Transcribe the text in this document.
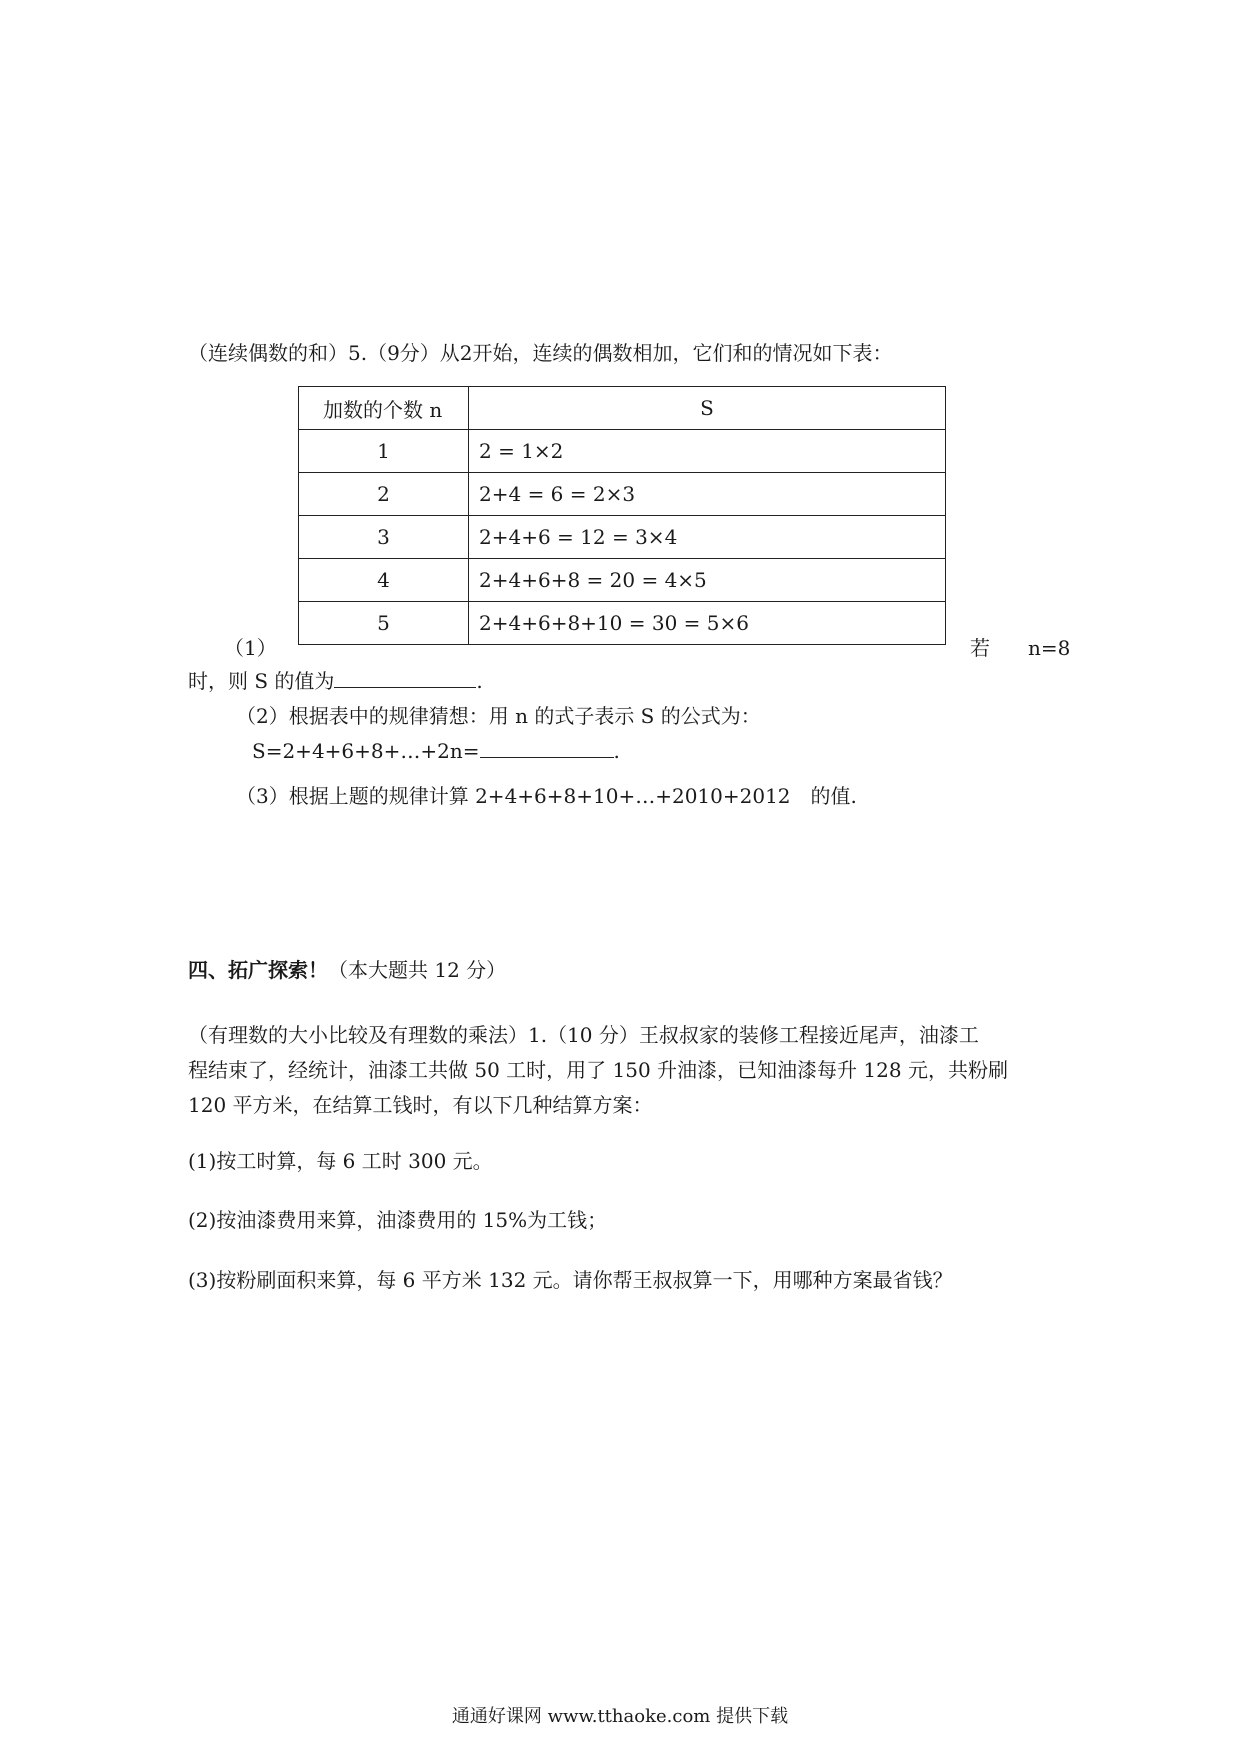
（连续偶数的和）5.（9分）从2开始，连续的偶数相加，它们和的情况如下表：
加数的个数 n	S
1	2 = 1×2
2	2+4 = 6 = 2×3
3	2+4+6 = 12 = 3×4
4	2+4+6+8 = 20 = 4×5
5	2+4+6+8+10 = 30 = 5×6
（1）	若 n=8
时，则 S 的值为	.
（2）根据表中的规律猜想：用 n 的式子表示 S 的公式为：
S=2+4+6+8+…+2n=	.
（3）根据上题的规律计算 2+4+6+8+10+…+2010+2012　的值.
四、拓广探索！（本大题共 12 分）
（有理数的大小比较及有理数的乘法）1.（10 分）王叔叔家的装修工程接近尾声，油漆工
程结束了，经统计，油漆工共做 50 工时，用了 150 升油漆，已知油漆每升 128 元，共粉刷
120 平方米，在结算工钱时，有以下几种结算方案：
(1)按工时算，每 6 工时 300 元。
(2)按油漆费用来算，油漆费用的 15%为工钱；
(3)按粉刷面积来算，每 6 平方米 132 元。请你帮王叔叔算一下，用哪种方案最省钱？
通通好课网 www.tthaoke.com 提供下载
